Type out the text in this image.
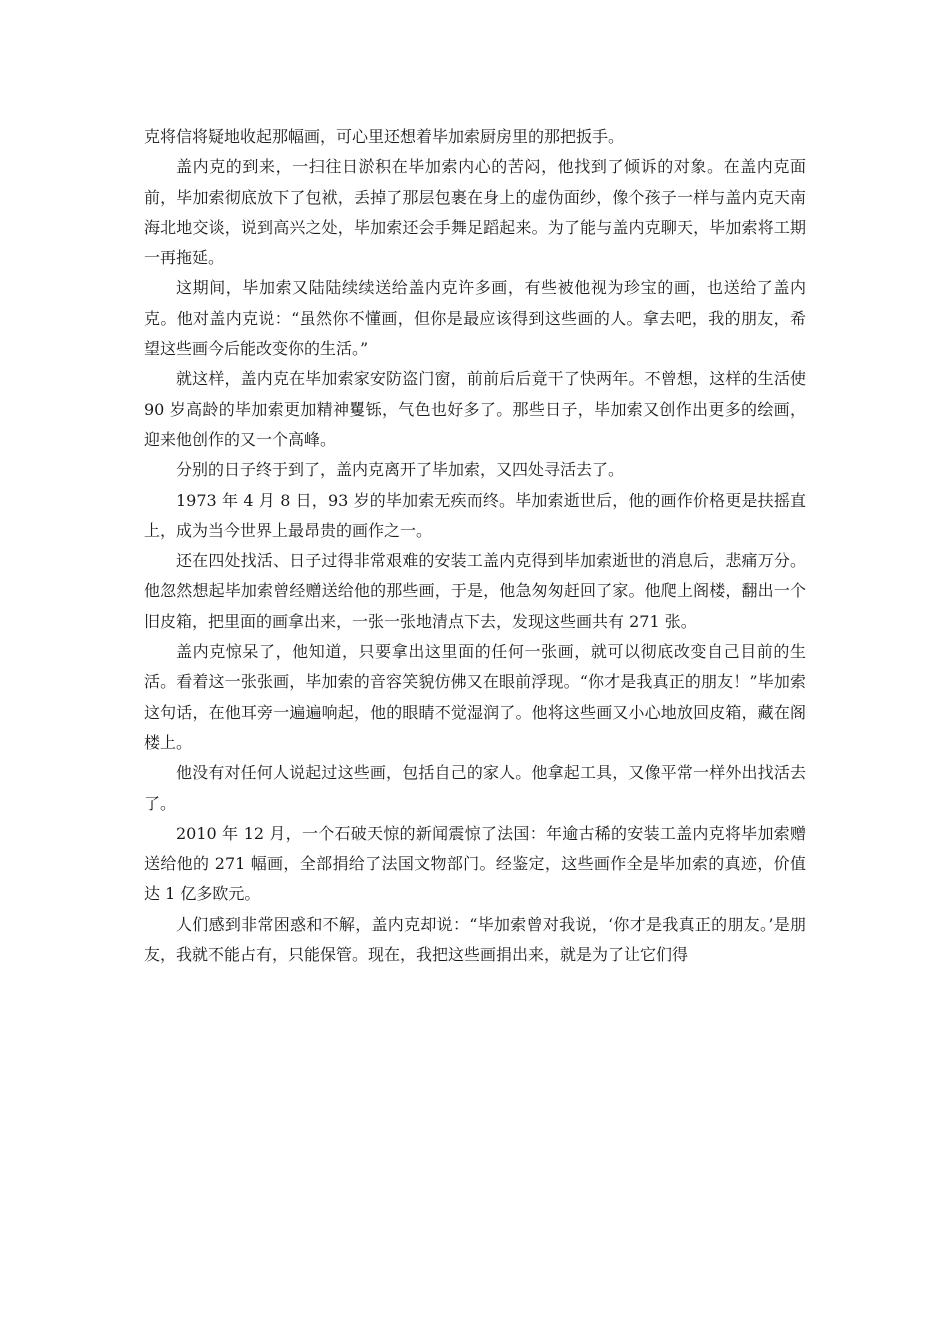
克将信将疑地收起那幅画，可心里还想着毕加索厨房里的那把扳手。

盖内克的到来，一扫往日淤积在毕加索内心的苦闷，他找到了倾诉的对象。在盖内克面前，毕加索彻底放下了包袱，丢掉了那层包裹在身上的虚伪面纱，像个孩子一样与盖内克天南海北地交谈，说到高兴之处，毕加索还会手舞足蹈起来。为了能与盖内克聊天，毕加索将工期一再拖延。

这期间，毕加索又陆陆续续送给盖内克许多画，有些被他视为珍宝的画，也送给了盖内克。他对盖内克说：“虽然你不懂画，但你是最应该得到这些画的人。拿去吧，我的朋友，希望这些画今后能改变你的生活。”

就这样，盖内克在毕加索家安防盗门窗，前前后后竟干了快两年。不曾想，这样的生活使 90 岁高龄的毕加索更加精神矍铄，气色也好多了。那些日子，毕加索又创作出更多的绘画，迎来他创作的又一个高峰。

分别的日子终于到了，盖内克离开了毕加索，又四处寻活去了。

1973 年 4 月 8 日，93 岁的毕加索无疾而终。毕加索逝世后，他的画作价格更是扶摇直上，成为当今世界上最昂贵的画作之一。

还在四处找活、日子过得非常艰难的安装工盖内克得到毕加索逝世的消息后，悲痛万分。他忽然想起毕加索曾经赠送给他的那些画，于是，他急匆匆赶回了家。他爬上阁楼，翻出一个旧皮箱，把里面的画拿出来，一张一张地清点下去，发现这些画共有 271 张。

盖内克惊呆了，他知道，只要拿出这里面的任何一张画，就可以彻底改变自己目前的生活。看着这一张张画，毕加索的音容笑貌仿佛又在眼前浮现。“你才是我真正的朋友！”毕加索这句话，在他耳旁一遍遍响起，他的眼睛不觉湿润了。他将这些画又小心地放回皮箱，藏在阁楼上。

他没有对任何人说起过这些画，包括自己的家人。他拿起工具，又像平常一样外出找活去了。

2010 年 12 月，一个石破天惊的新闻震惊了法国：年逾古稀的安装工盖内克将毕加索赠送给他的 271 幅画，全部捐给了法国文物部门。经鉴定，这些画作全是毕加索的真迹，价值达 1 亿多欧元。

人们感到非常困惑和不解，盖内克却说：“毕加索曾对我说，‘你才是我真正的朋友。’是朋友，我就不能占有，只能保管。现在，我把这些画捐出来，就是为了让它们得
